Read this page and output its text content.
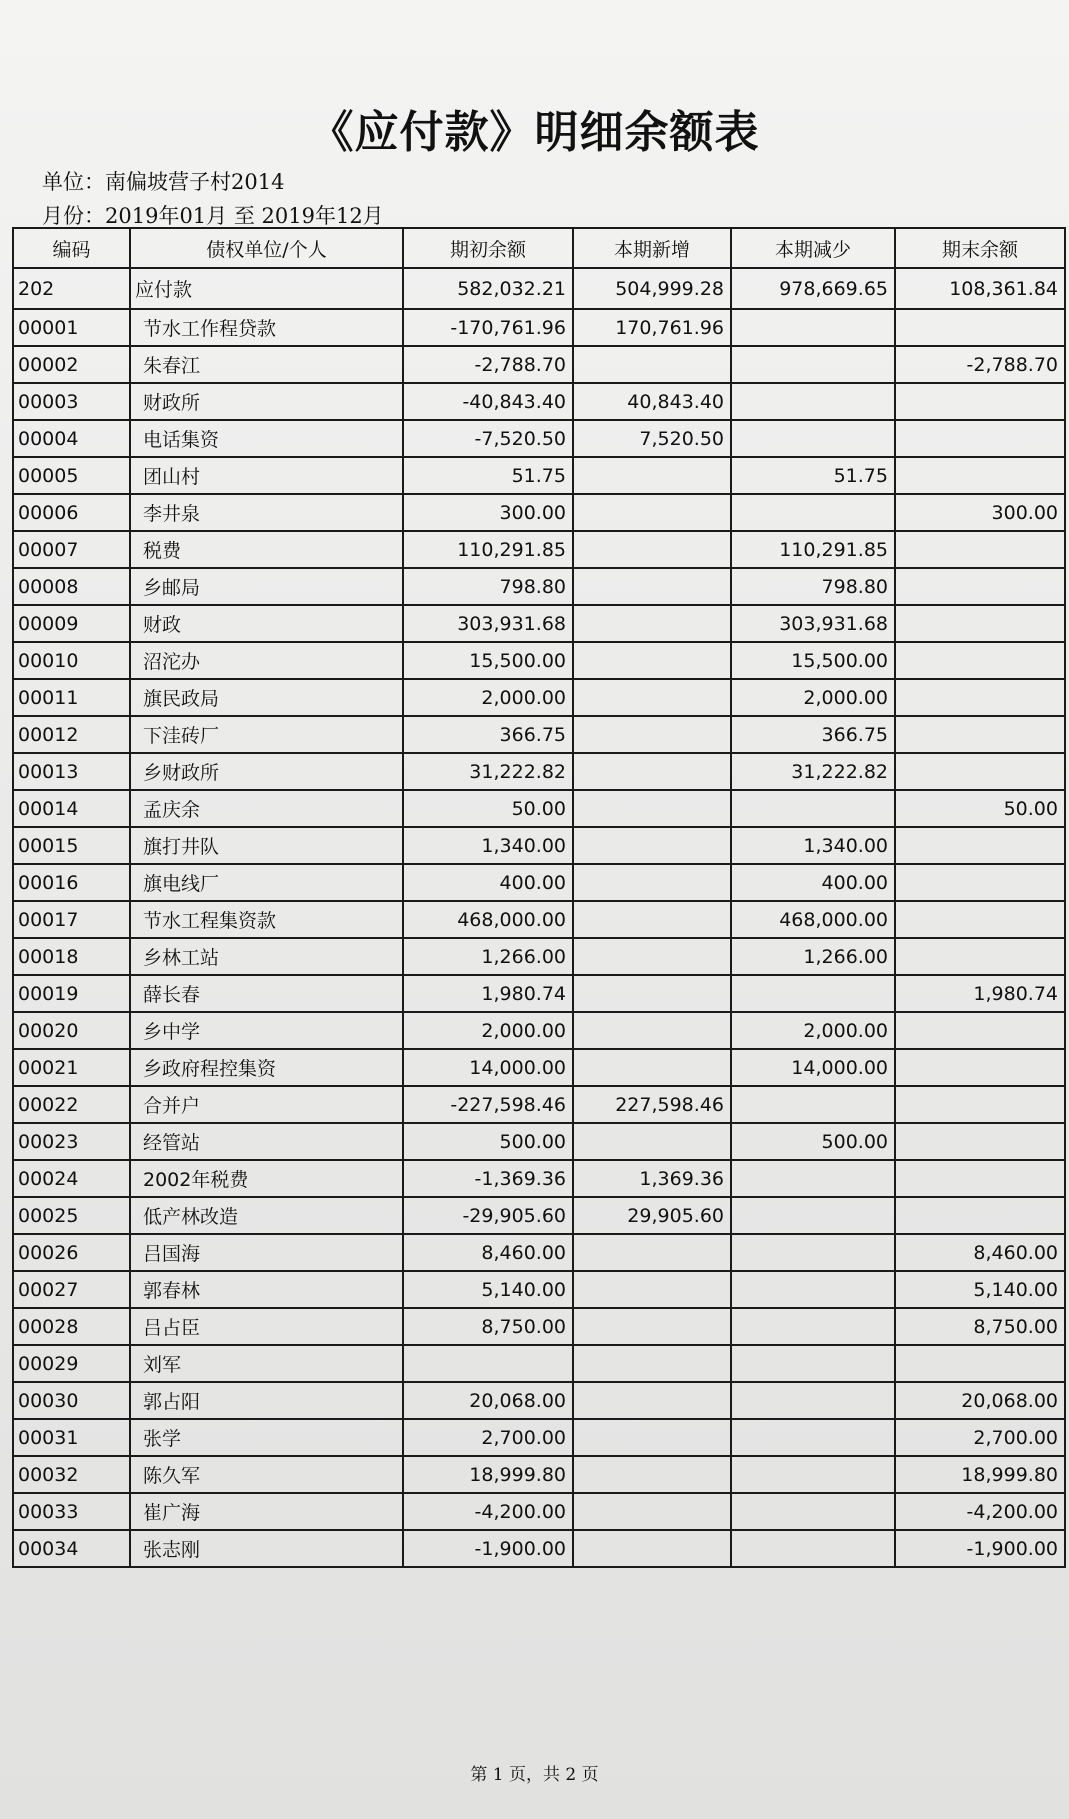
《应付款》明细余额表
单位：南偏坡营子村2014
月份：2019年01月 至 2019年12月
编码	债权单位/个人	期初余额	本期新增	本期减少	期末余额
202	应付款	582,032.21	504,999.28	978,669.65	108,361.84
00001	节水工作程贷款	-170,761.96	170,761.96		
00002	朱春江	-2,788.70			-2,788.70
00003	财政所	-40,843.40	40,843.40		
00004	电话集资	-7,520.50	7,520.50		
00005	团山村	51.75		51.75	
00006	李井泉	300.00			300.00
00007	税费	110,291.85		110,291.85	
00008	乡邮局	798.80		798.80	
00009	财政	303,931.68		303,931.68	
00010	沼沱办	15,500.00		15,500.00	
00011	旗民政局	2,000.00		2,000.00	
00012	下洼砖厂	366.75		366.75	
00013	乡财政所	31,222.82		31,222.82	
00014	孟庆余	50.00			50.00
00015	旗打井队	1,340.00		1,340.00	
00016	旗电线厂	400.00		400.00	
00017	节水工程集资款	468,000.00		468,000.00	
00018	乡林工站	1,266.00		1,266.00	
00019	薛长春	1,980.74			1,980.74
00020	乡中学	2,000.00		2,000.00	
00021	乡政府程控集资	14,000.00		14,000.00	
00022	合并户	-227,598.46	227,598.46		
00023	经管站	500.00		500.00	
00024	2002年税费	-1,369.36	1,369.36		
00025	低产林改造	-29,905.60	29,905.60		
00026	吕国海	8,460.00			8,460.00
00027	郭春林	5,140.00			5,140.00
00028	吕占臣	8,750.00			8,750.00
00029	刘军				
00030	郭占阳	20,068.00			20,068.00
00031	张学	2,700.00			2,700.00
00032	陈久军	18,999.80			18,999.80
00033	崔广海	-4,200.00			-4,200.00
00034	张志刚	-1,900.00			-1,900.00
第 1 页，共 2 页
